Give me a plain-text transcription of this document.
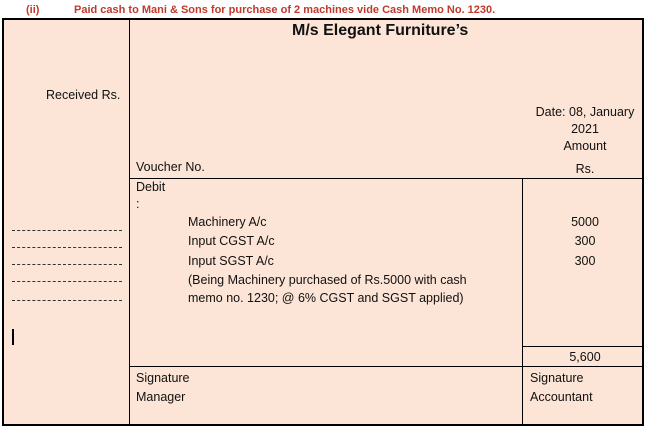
(ii)	Paid cash to Mani & Sons for purchase of 2 machines vide Cash Memo No. 1230.
Received Rs.
M/s Elegant Furniture’s
Date: 08, January
2021
Amount
Rs.
Voucher No.
Debit
:
Machinery A/c
Input CGST A/c
Input SGST A/c
(Being Machinery purchased of Rs.5000 with cash
memo no. 1230; @ 6% CGST and SGST applied)
5000
300
300
5,600
Signature
Manager
Signature
Accountant
